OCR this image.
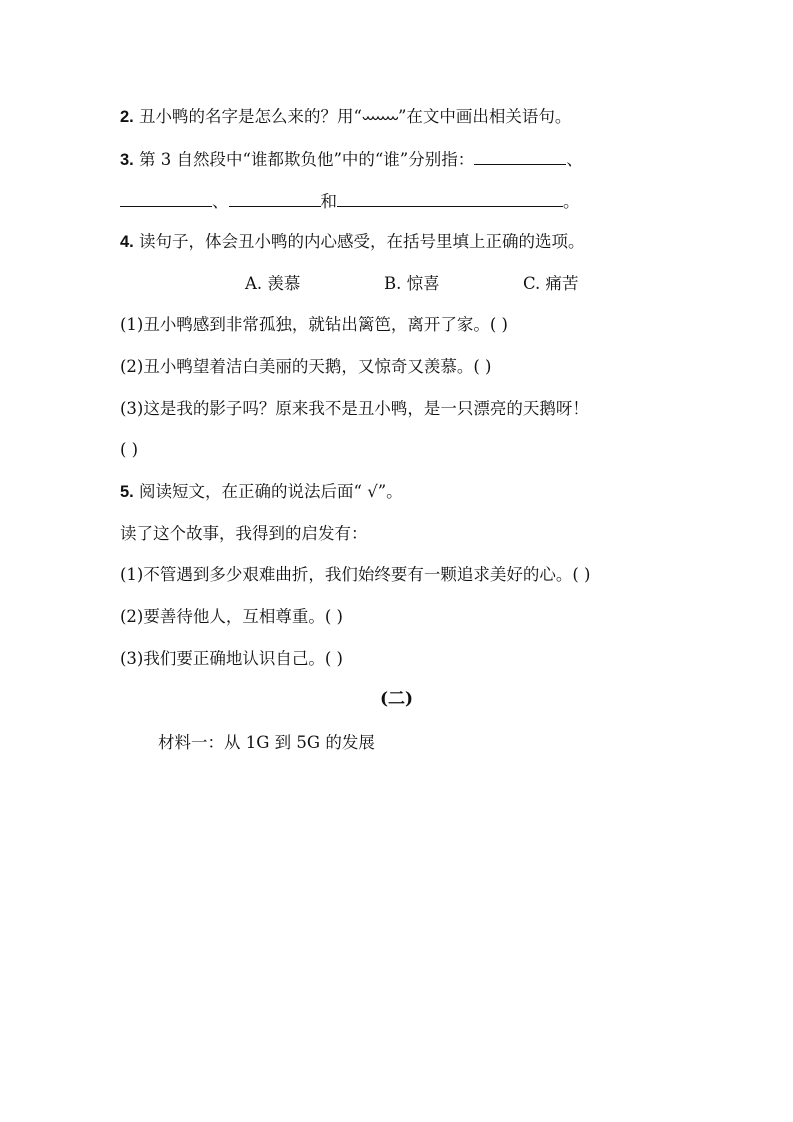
2. 丑小鸭的名字是怎么来的？用“ ”在文中画出相关语句。
3. 第 3 自然段中“谁都欺负他”中的“谁”分别指：	、
、	和	。
4. 读句子，体会丑小鸭的内心感受，在括号里填上正确的选项。
A. 羡慕	B. 惊喜	C. 痛苦
(1)丑小鸭感到非常孤独，就钻出篱笆，离开了家。( )
(2)丑小鸭望着洁白美丽的天鹅，又惊奇又羡慕。( )
(3)这是我的影子吗？原来我不是丑小鸭，是一只漂亮的天鹅呀！
( )
5. 阅读短文，在正确的说法后面“ √”。
读了这个故事，我得到的启发有：
(1)不管遇到多少艰难曲折，我们始终要有一颗追求美好的心。( )
(2)要善待他人，互相尊重。( )
(3)我们要正确地认识自己。( )
(二)
材料一：从 1G 到 5G 的发展
